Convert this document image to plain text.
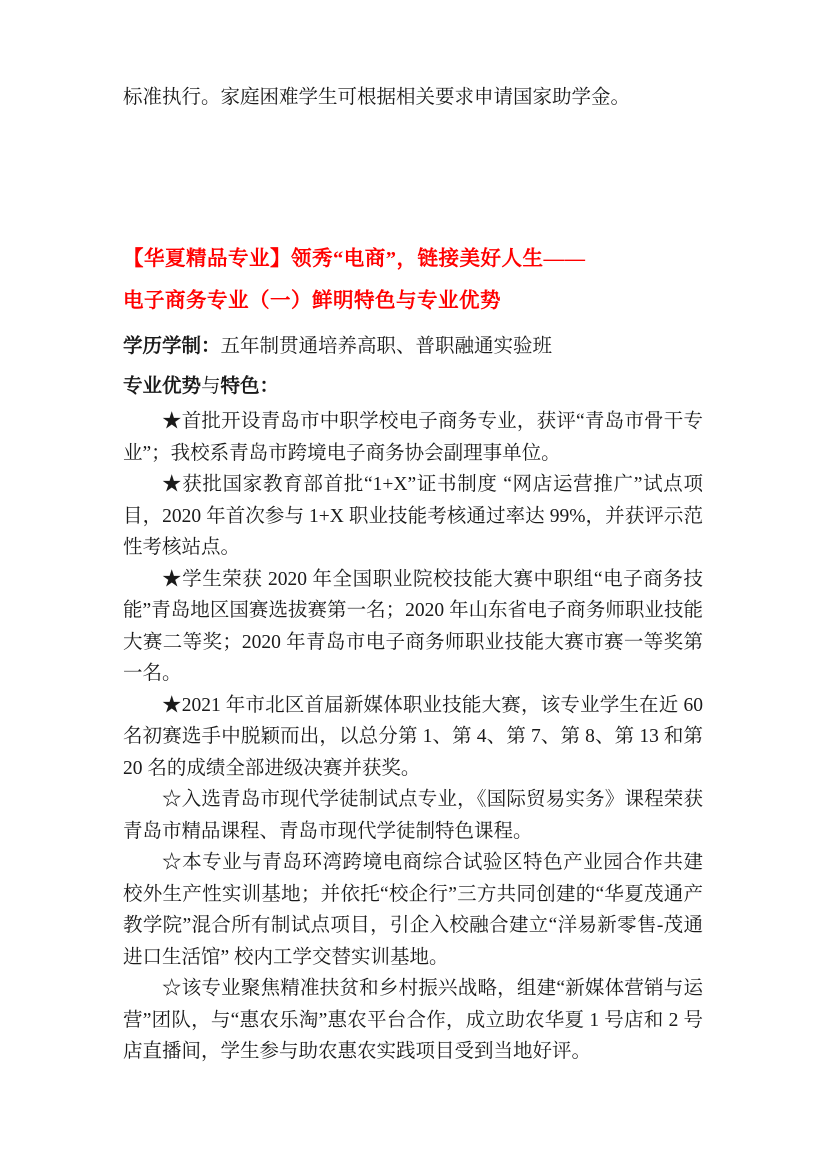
标准执行。家庭困难学生可根据相关要求申请国家助学金。

【华夏精品专业】领秀“电商”，链接美好人生——

电子商务专业（一）鲜明特色与专业优势

学历学制：五年制贯通培养高职、普职融通实验班

专业优势与特色：

★首批开设青岛市中职学校电子商务专业，获评“青岛市骨干专业”；我校系青岛市跨境电子商务协会副理事单位。

★获批国家教育部首批“1+X”证书制度 “网店运营推广”试点项目，2020 年首次参与 1+X 职业技能考核通过率达 99%，并获评示范性考核站点。

★学生荣获 2020 年全国职业院校技能大赛中职组“电子商务技能”青岛地区国赛选拔赛第一名；2020 年山东省电子商务师职业技能大赛二等奖；2020 年青岛市电子商务师职业技能大赛市赛一等奖第一名。

★2021 年市北区首届新媒体职业技能大赛，该专业学生在近 60 名初赛选手中脱颖而出，以总分第 1、第 4、第 7、第 8、第 13 和第 20 名的成绩全部进级决赛并获奖。

☆入选青岛市现代学徒制试点专业，《国际贸易实务》课程荣获青岛市精品课程、青岛市现代学徒制特色课程。

☆本专业与青岛环湾跨境电商综合试验区特色产业园合作共建校外生产性实训基地；并依托“校企行”三方共同创建的“华夏茂通产教学院”混合所有制试点项目，引企入校融合建立“洋易新零售-茂通进口生活馆” 校内工学交替实训基地。

☆该专业聚焦精准扶贫和乡村振兴战略，组建“新媒体营销与运营”团队，与“惠农乐淘”惠农平台合作，成立助农华夏 1 号店和 2 号店直播间，学生参与助农惠农实践项目受到当地好评。
